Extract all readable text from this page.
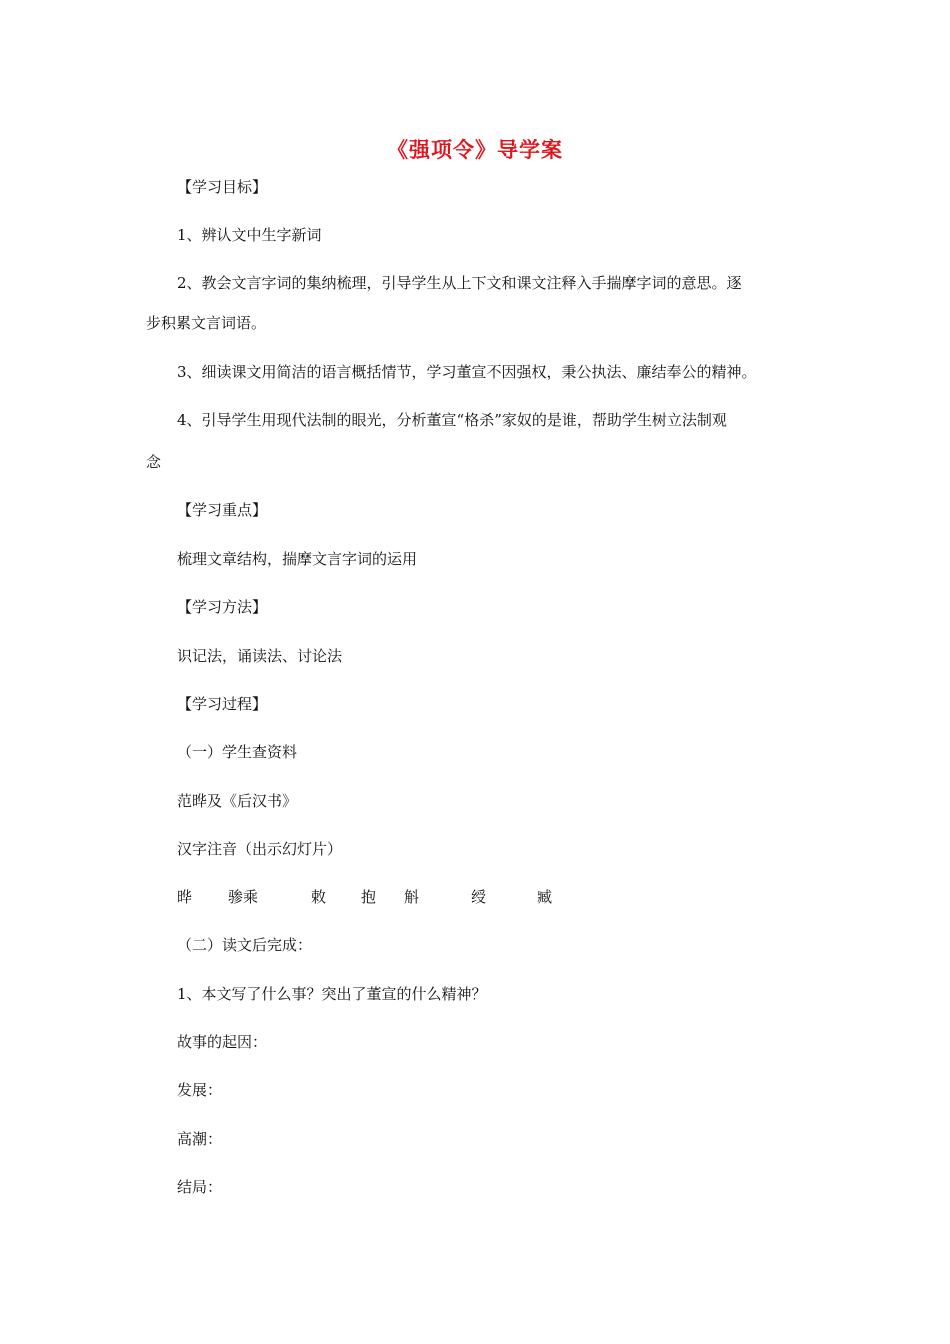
《强项令》导学案
【学习目标】
1、辨认文中生字新词
2、教会文言字词的集纳梳理，引导学生从上下文和课文注释入手揣摩字词的意思。逐
步积累文言词语。
3、细读课文用简洁的语言概括情节，学习董宣不因强权，秉公执法、廉结奉公的精神。
4、引导学生用现代法制的眼光，分析董宣“格杀”家奴的是谁，帮助学生树立法制观
念
【学习重点】
梳理文章结构，揣摩文言字词的运用
【学习方法】
识记法，诵读法、讨论法
【学习过程】
（一）学生查资料
范晔及《后汉书》
汉字注音（出示幻灯片）
晔 骖乘	敕 抱 斛	绶	臧
（二）读文后完成：
1、本文写了什么事？突出了董宣的什么精神？
故事的起因：
发展：
高潮：
结局：
